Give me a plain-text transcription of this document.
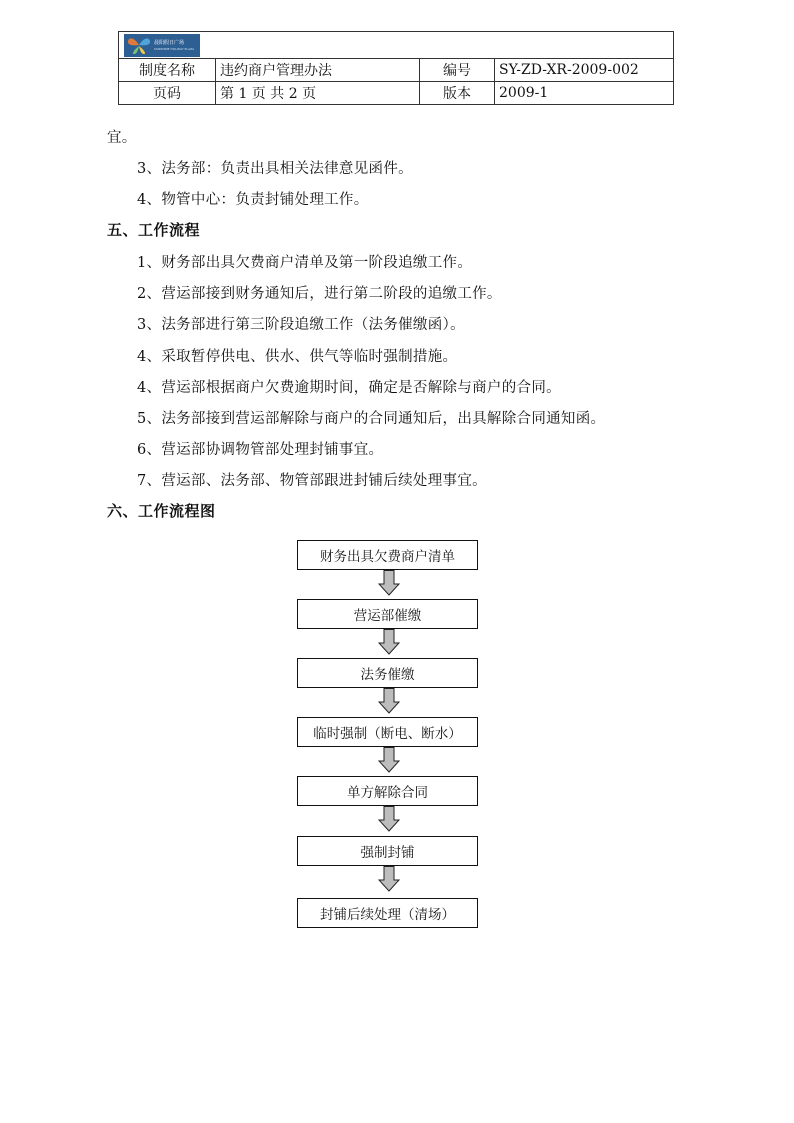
晨阳假日广场
SUNSHINE HOLIDAY PLAZA
制度名称	违约商户管理办法	编号	SY-ZD-XR-2009-002
页码	第 1 页 共 2 页	版本	2009-1
宜。
3、法务部：负责出具相关法律意见函件。
4、物管中心：负责封铺处理工作。
五、工作流程
1、财务部出具欠费商户清单及第一阶段追缴工作。
2、营运部接到财务通知后，进行第二阶段的追缴工作。
3、法务部进行第三阶段追缴工作（法务催缴函）。
4、采取暂停供电、供水、供气等临时强制措施。
4、营运部根据商户欠费逾期时间，确定是否解除与商户的合同。
5、法务部接到营运部解除与商户的合同通知后，出具解除合同通知函。
6、营运部协调物管部处理封铺事宜。
7、营运部、法务部、物管部跟进封铺后续处理事宜。
六、工作流程图
财务出具欠费商户清单
营运部催缴
法务催缴
临时强制（断电、断水）
单方解除合同
强制封铺
封铺后续处理（清场）
